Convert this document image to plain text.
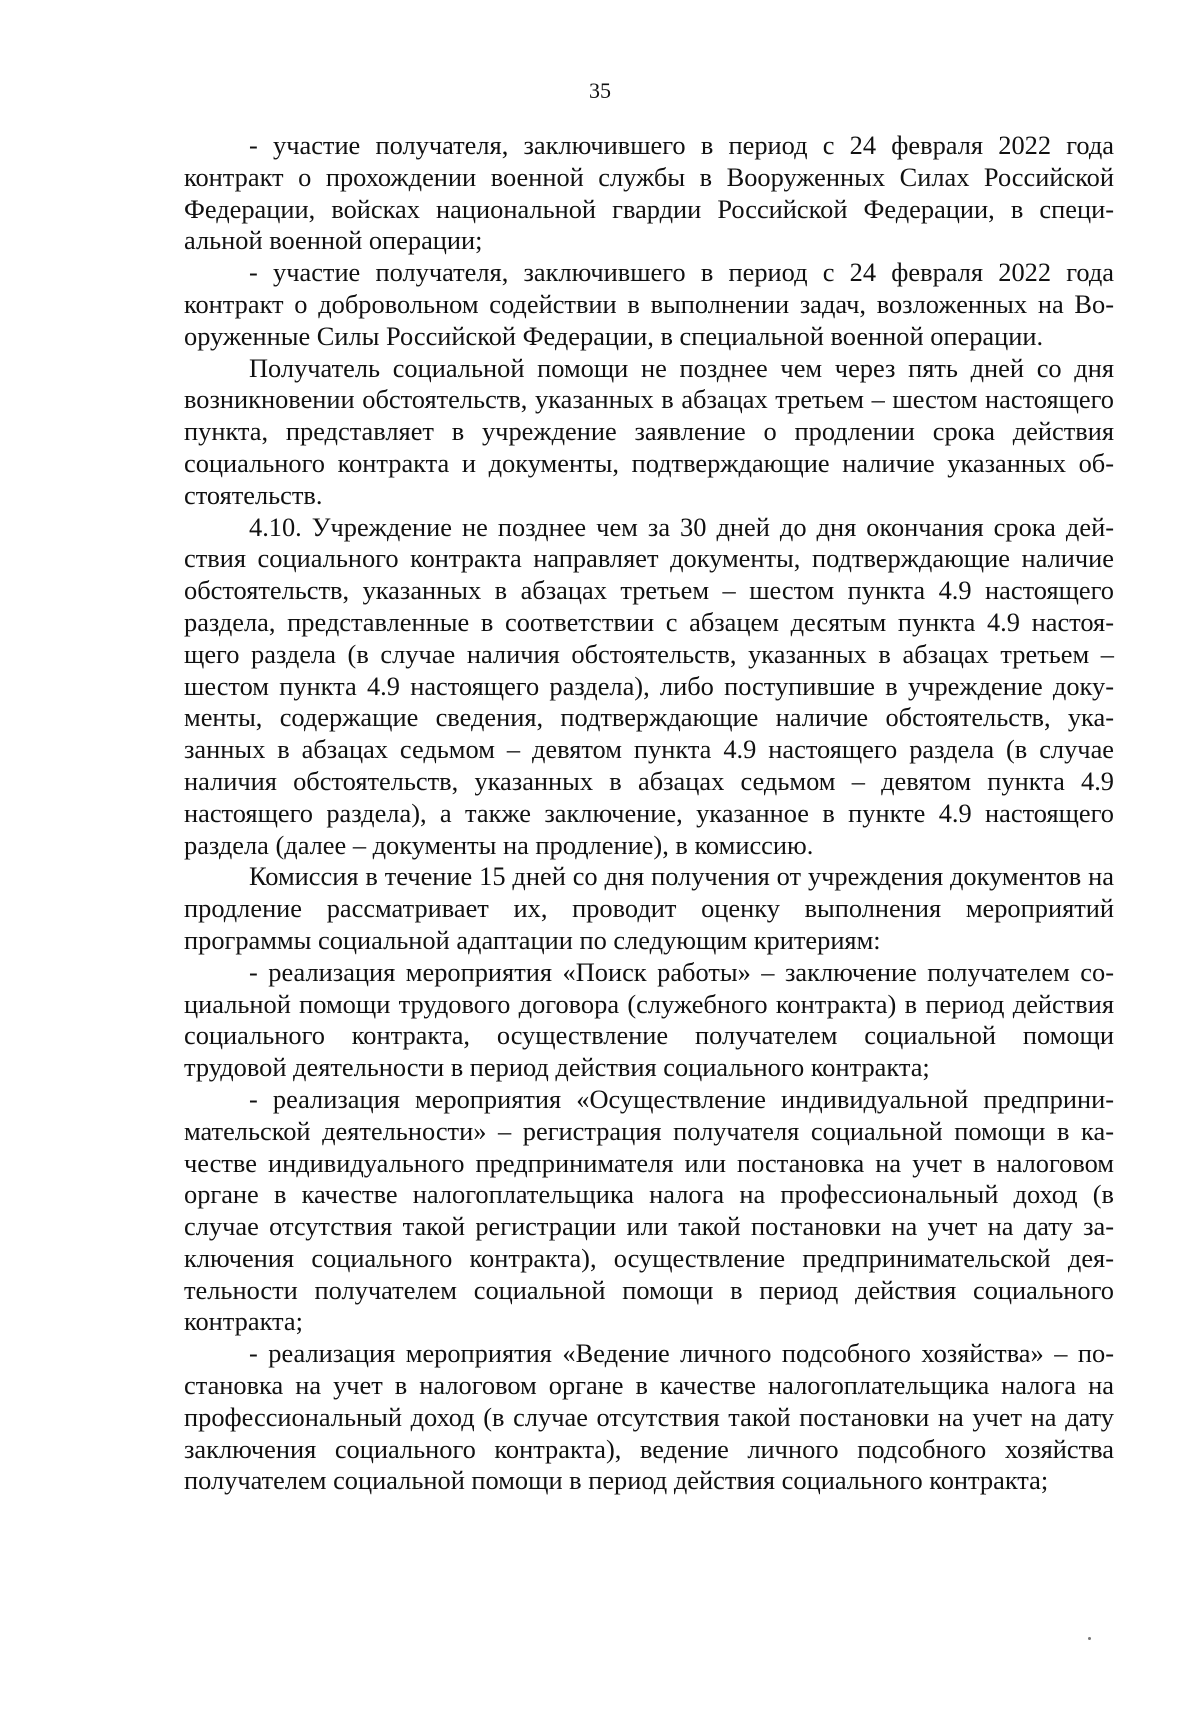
35

- участие получателя, заключившего в период с 24 февраля 2022 года контракт о прохождении военной службы в Вооруженных Силах Российской Федерации, войсках национальной гвардии Российской Федерации, в специальной военной операции;

- участие получателя, заключившего в период с 24 февраля 2022 года контракт о добровольном содействии в выполнении задач, возложенных на Вооруженные Силы Российской Федерации, в специальной военной операции.

Получатель социальной помощи не позднее чем через пять дней со дня возникновении обстоятельств, указанных в абзацах третьем – шестом настоящего пункта, представляет в учреждение заявление о продлении срока действия социального контракта и документы, подтверждающие наличие указанных обстоятельств.

4.10. Учреждение не позднее чем за 30 дней до дня окончания срока действия социального контракта направляет документы, подтверждающие наличие обстоятельств, указанных в абзацах третьем – шестом пункта 4.9 настоящего раздела, представленные в соответствии с абзацем десятым пункта 4.9 настоящего раздела (в случае наличия обстоятельств, указанных в абзацах третьем – шестом пункта 4.9 настоящего раздела), либо поступившие в учреждение документы, содержащие сведения, подтверждающие наличие обстоятельств, указанных в абзацах седьмом – девятом пункта 4.9 настоящего раздела (в случае наличия обстоятельств, указанных в абзацах седьмом – девятом пункта 4.9 настоящего раздела), а также заключение, указанное в пункте 4.9 настоящего раздела (далее – документы на продление), в комиссию.

Комиссия в течение 15 дней со дня получения от учреждения документов на продление рассматривает их, проводит оценку выполнения мероприятий программы социальной адаптации по следующим критериям:

- реализация мероприятия «Поиск работы» – заключение получателем социальной помощи трудового договора (служебного контракта) в период действия социального контракта, осуществление получателем социальной помощи трудовой деятельности в период действия социального контракта;

- реализация мероприятия «Осуществление индивидуальной предпринимательской деятельности» – регистрация получателя социальной помощи в качестве индивидуального предпринимателя или постановка на учет в налоговом органе в качестве налогоплательщика налога на профессиональный доход (в случае отсутствия такой регистрации или такой постановки на учет на дату заключения социального контракта), осуществление предпринимательской деятельности получателем социальной помощи в период действия социального контракта;

- реализация мероприятия «Ведение личного подсобного хозяйства» – постановка на учет в налоговом органе в качестве налогоплательщика налога на профессиональный доход (в случае отсутствия такой постановки на учет на дату заключения социального контракта), ведение личного подсобного хозяйства получателем социальной помощи в период действия социального контракта;
